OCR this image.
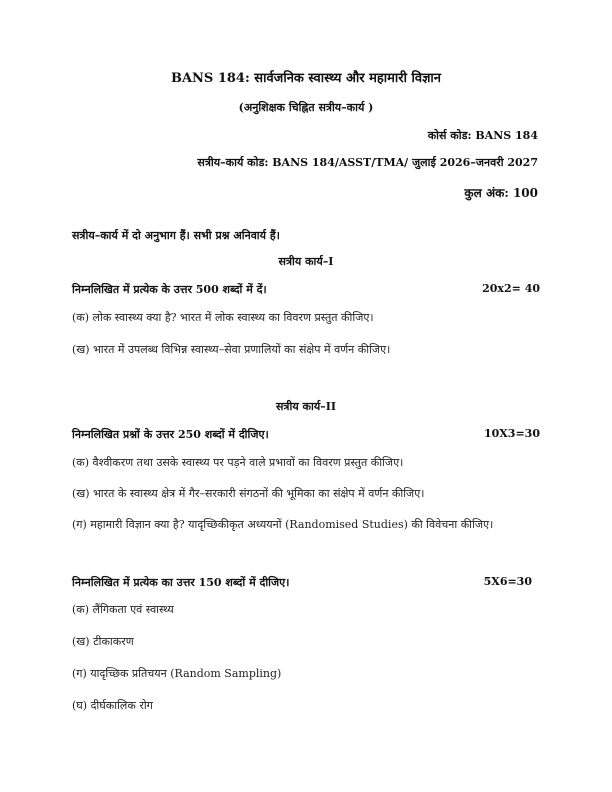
BANS 184: सार्वजनिक स्वास्थ्य और महामारी विज्ञान
(अनुशिक्षक चिह्नित सत्रीय–कार्य )
कोर्स कोड: BANS 184
सत्रीय–कार्य कोड: BANS 184/ASST/TMA/ जुलाई 2026–जनवरी 2027
कुल अंक: 100
सत्रीय–कार्य में दो अनुभाग हैं। सभी प्रश्न अनिवार्य हैं।
सत्रीय कार्य–I
निम्नलिखित में प्रत्येक के उत्तर 500 शब्दों में दें।	20x2= 40
(क) लोक स्वास्थ्य क्या है? भारत में लोक स्वास्थ्य का विवरण प्रस्तुत कीजिए।
(ख) भारत में उपलब्ध विभिन्न स्वास्थ्य–सेवा प्रणालियों का संक्षेप में वर्णन कीजिए।
सत्रीय कार्य–II
निम्नलिखित प्रश्नों के उत्तर 250 शब्दों में दीजिए।	10X3=30
(क) वैश्वीकरण तथा उसके स्वास्थ्य पर पड़ने वाले प्रभावों का विवरण प्रस्तुत कीजिए।
(ख) भारत के स्वास्थ्य क्षेत्र में गैर–सरकारी संगठनों की भूमिका का संक्षेप में वर्णन कीजिए।
(ग) महामारी विज्ञान क्या है? यादृच्छिकीकृत अध्ययनों (Randomised Studies) की विवेचना कीजिए।
निम्नलिखित में प्रत्येक का उत्तर 150 शब्दों में दीजिए।	5X6=30
(क) लैंगिकता एवं स्वास्थ्य
(ख) टीकाकरण
(ग) यादृच्छिक प्रतिचयन (Random Sampling)
(घ) दीर्घकालिक रोग
